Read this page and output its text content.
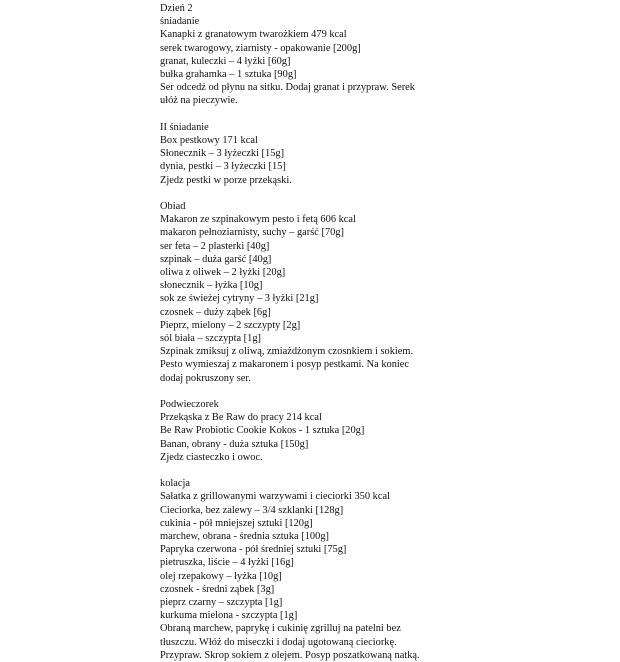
Dzień 2
śniadanie
Kanapki z granatowym twarożkiem 479 kcal
serek twarogowy, ziarnisty - opakowanie [200g]
granat, kuleczki – 4 łyżki [60g]
bułka grahamka – 1 sztuka [90g]
Ser odcedź od płynu na sitku. Dodaj granat i przypraw. Serek ułóż na pieczywie.
II śniadanie
Box pestkowy 171 kcal
Słonecznik – 3 łyżeczki [15g]
dynia, pestki – 3 łyżeczki [15]
Zjedz pestki w porze przekąski.
Obiad
Makaron ze szpinakowym pesto i fetą 606 kcal
makaron pełnoziarnisty, suchy – garść [70g]
ser feta – 2 plasterki [40g]
szpinak – duża garść [40g]
oliwa z oliwek – 2 łyżki [20g]
słonecznik – łyżka [10g]
sok ze świeżej cytryny – 3 łyżki [21g]
czosnek – duży ząbek [6g]
Pieprz, mielony – 2 szczypty [2g]
sól biała – szczypta [1g]
Szpinak zmiksuj z oliwą, zmiażdżonym czosnkiem i sokiem. Pesto wymieszaj z makaronem i posyp pestkami. Na koniec dodaj pokruszony ser.
Podwieczorek
Przekąska z Be Raw do pracy 214 kcal
Be Raw Probiotic Cookie Kokos - 1 sztuka [20g]
Banan, obrany - duża sztuka [150g]
Zjedz ciasteczko i owoc.
kolacja
Sałatka z grillowanymi warzywami i cieciorki 350 kcal
Cieciorka, bez zalewy – 3/4 szklanki [128g]
cukinia - pół mniejszej sztuki [120g]
marchew, obrana - średnia sztuka [100g]
Papryka czerwona - pół średniej sztuki [75g]
pietruszka, liście – 4 łyżki [16g]
olej rzepakowy – łyżka [10g]
czosnek - średni ząbek [3g]
pieprz czarny – szczypta [1g]
kurkuma mielona - szczypta [1g]
Obraną marchew, paprykę i cukinię zgrilluj na patelni bez tłuszczu. Włóż do miseczki i dodaj ugotowaną cieciorkę. Przypraw. Skrop sokiem z olejem. Posyp poszatkowaną natką.
